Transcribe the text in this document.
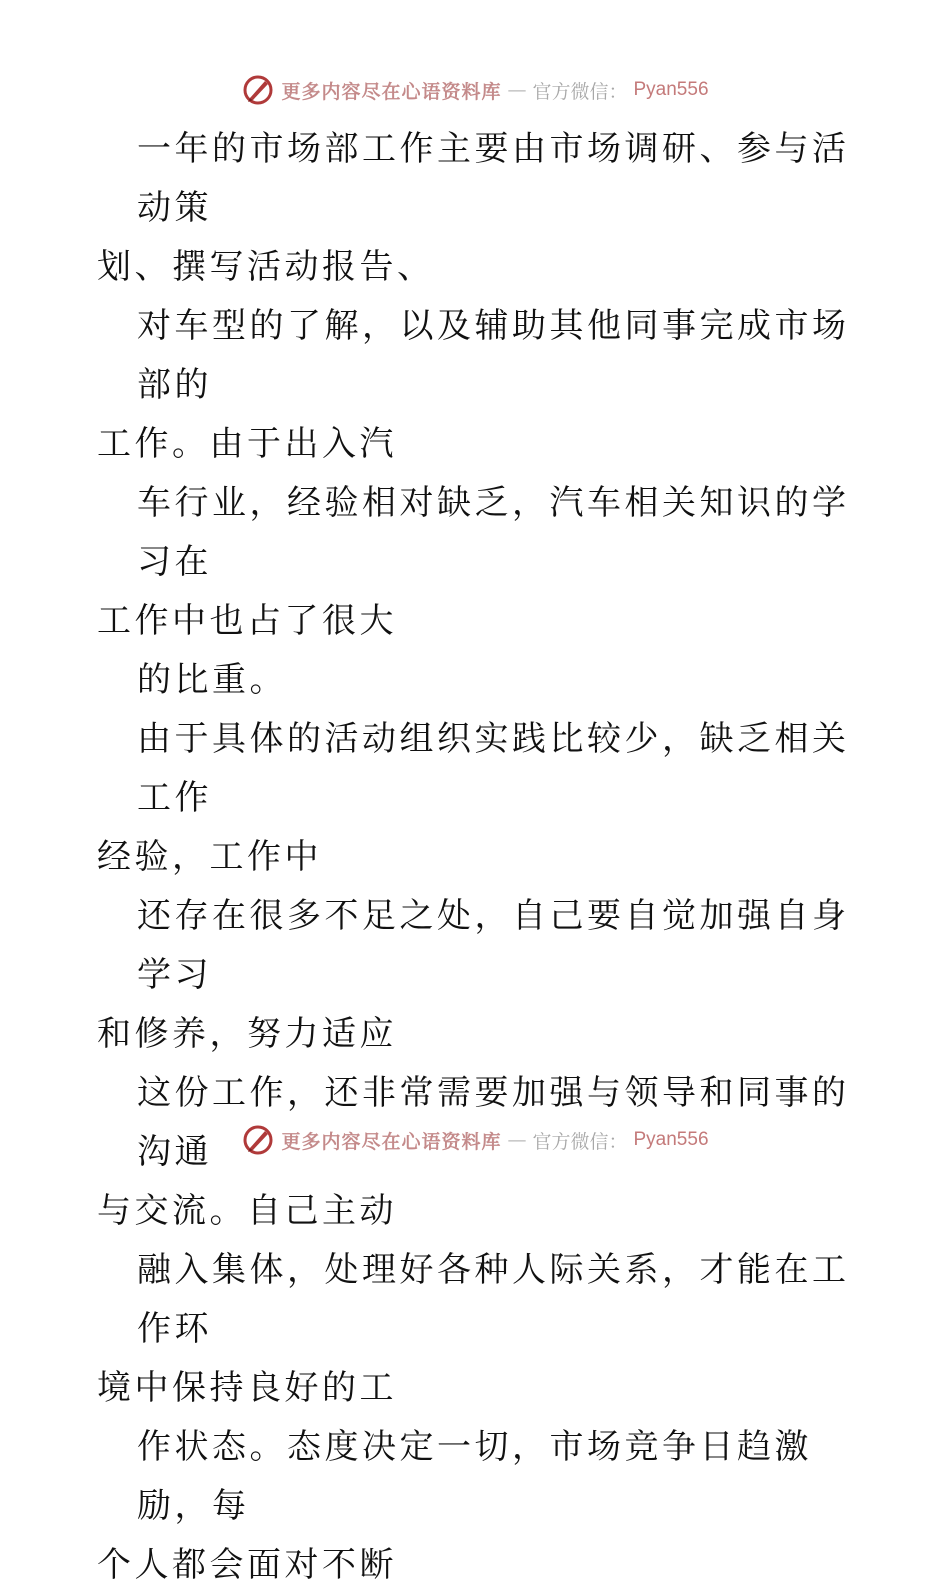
更多内容尽在心语资料库 — 官方微信： Pyan556

一年的市场部工作主要由市场调研、参与活动策
划、撰写活动报告、

对车型的了解，以及辅助其他同事完成市场部的
工作。由于出入汽

车行业，经验相对缺乏，汽车相关知识的学习在
工作中也占了很大

的比重。

由于具体的活动组织实践比较少，缺乏相关工作
经验，工作中

还存在很多不足之处，自己要自觉加强自身学习
和修养，努力适应

这份工作，还非常需要加强与领导和同事的沟通
与交流。自己主动

融入集体，处理好各种人际关系，才能在工作环
境中保持良好的工

作状态。态度决定一切，市场竞争日趋激励，每
个人都会面对不断

更多内容尽在心语资料库 — 官方微信： Pyan556
